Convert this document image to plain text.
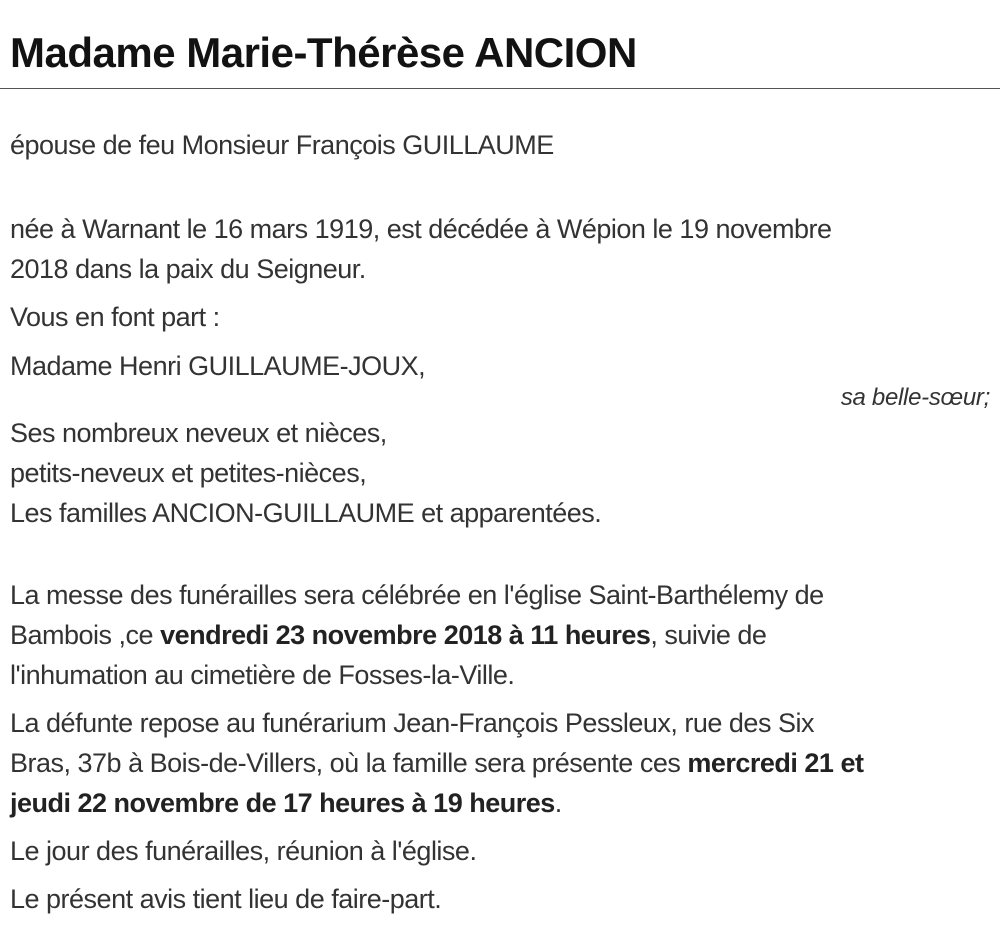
Madame Marie-Thérèse ANCION
épouse de feu Monsieur François GUILLAUME
née à Warnant le 16 mars 1919, est décédée à Wépion le 19 novembre
2018 dans la paix du Seigneur.
Vous en font part :
Madame Henri GUILLAUME-JOUX,
sa belle-sœur;
Ses nombreux neveux et nièces,
petits-neveux et petites-nièces,
Les familles ANCION-GUILLAUME et apparentées.
La messe des funérailles sera célébrée en l'église Saint-Barthélemy de
Bambois ,ce vendredi 23 novembre 2018 à 11 heures, suivie de
l'inhumation au cimetière de Fosses-la-Ville.
La défunte repose au funérarium Jean-François Pessleux, rue des Six
Bras, 37b à Bois-de-Villers, où la famille sera présente ces mercredi 21 et
jeudi 22 novembre de 17 heures à 19 heures.
Le jour des funérailles, réunion à l'église.
Le présent avis tient lieu de faire-part.
